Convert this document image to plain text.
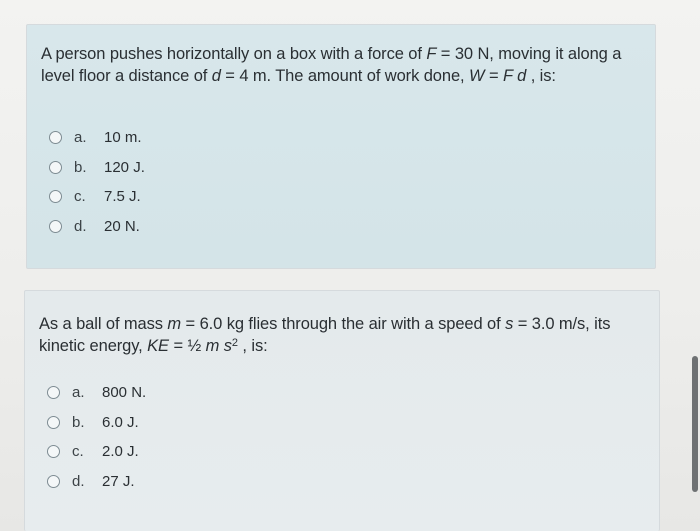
A person pushes horizontally on a box with a force of F = 30 N, moving it along a level floor a distance of d = 4 m. The amount of work done, W = F d , is:
a.	10 m.
b.	120 J.
c.	7.5 J.
d.	20 N.
As a ball of mass m = 6.0 kg flies through the air with a speed of s = 3.0 m/s, its kinetic energy, KE = ½ m $s^2$ , is:
a.	800 N.
b.	6.0 J.
c.	2.0 J.
d.	27 J.
